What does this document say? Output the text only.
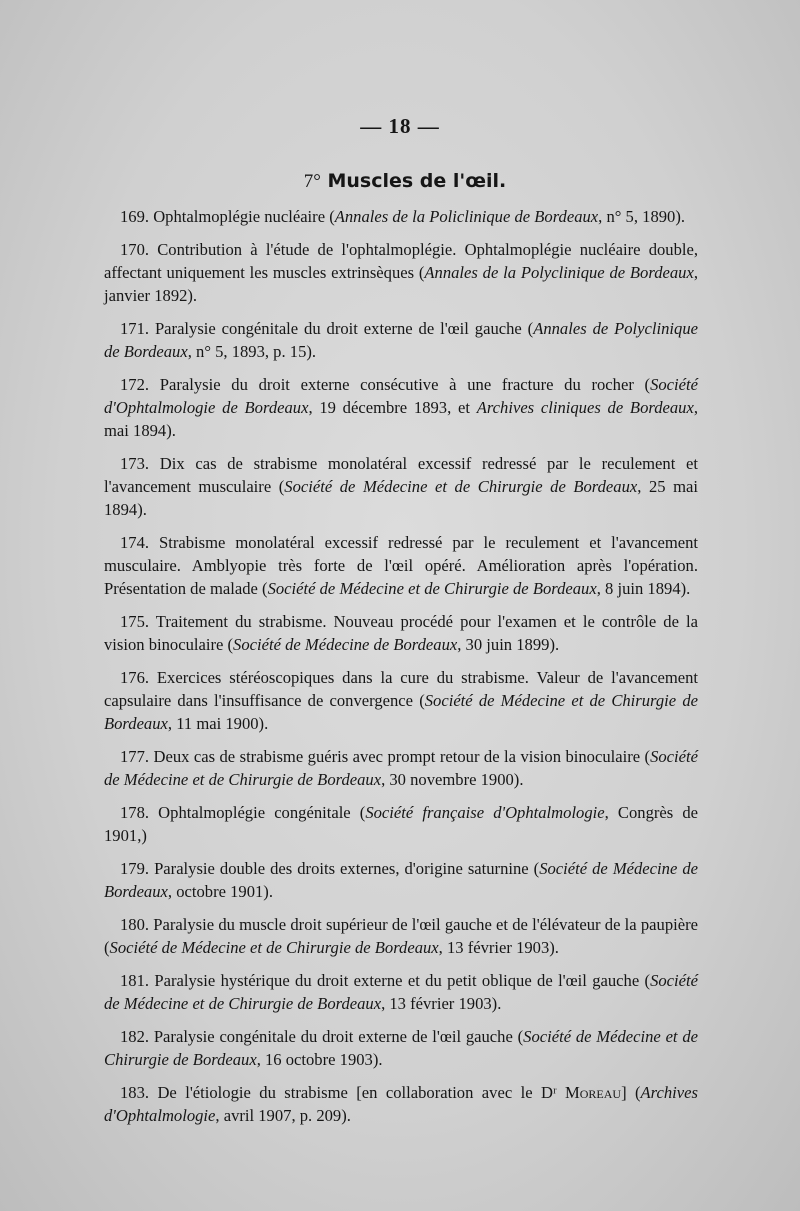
— 18 —
7° Muscles de l'œil.

169. Ophtalmoplégie nucléaire (Annales de la Policlinique de Bordeaux, n° 5, 1890).

170. Contribution à l'étude de l'ophtalmoplégie. Ophtalmoplégie nucléaire double, affectant uniquement les muscles extrinsèques (Annales de la Polyclinique de Bordeaux, janvier 1892).

171. Paralysie congénitale du droit externe de l'œil gauche (Annales de Polyclinique de Bordeaux, n° 5, 1893, p. 15).

172. Paralysie du droit externe consécutive à une fracture du rocher (Société d'Ophtalmologie de Bordeaux, 19 décembre 1893, et Archives cliniques de Bordeaux, mai 1894).

173. Dix cas de strabisme monolatéral excessif redressé par le reculement et l'avancement musculaire (Société de Médecine et de Chirurgie de Bordeaux, 25 mai 1894).

174. Strabisme monolatéral excessif redressé par le reculement et l'avancement musculaire. Amblyopie très forte de l'œil opéré. Amélioration après l'opération. Présentation de malade (Société de Médecine et de Chirurgie de Bordeaux, 8 juin 1894).

175. Traitement du strabisme. Nouveau procédé pour l'examen et le contrôle de la vision binoculaire (Société de Médecine de Bordeaux, 30 juin 1899).

176. Exercices stéréoscopiques dans la cure du strabisme. Valeur de l'avancement capsulaire dans l'insuffisance de convergence (Société de Médecine et de Chirurgie de Bordeaux, 11 mai 1900).

177. Deux cas de strabisme guéris avec prompt retour de la vision binoculaire (Société de Médecine et de Chirurgie de Bordeaux, 30 novembre 1900).

178. Ophtalmoplégie congénitale (Société française d'Ophtalmologie, Congrès de 1901,)

179. Paralysie double des droits externes, d'origine saturnine (Société de Médecine de Bordeaux, octobre 1901).

180. Paralysie du muscle droit supérieur de l'œil gauche et de l'élévateur de la paupière (Société de Médecine et de Chirurgie de Bordeaux, 13 février 1903).

181. Paralysie hystérique du droit externe et du petit oblique de l'œil gauche (Société de Médecine et de Chirurgie de Bordeaux, 13 février 1903).

182. Paralysie congénitale du droit externe de l'œil gauche (Société de Médecine et de Chirurgie de Bordeaux, 16 octobre 1903).

183. De l'étiologie du strabisme [en collaboration avec le Dʳ Moreau] (Archives d'Ophtalmologie, avril 1907, p. 209).
